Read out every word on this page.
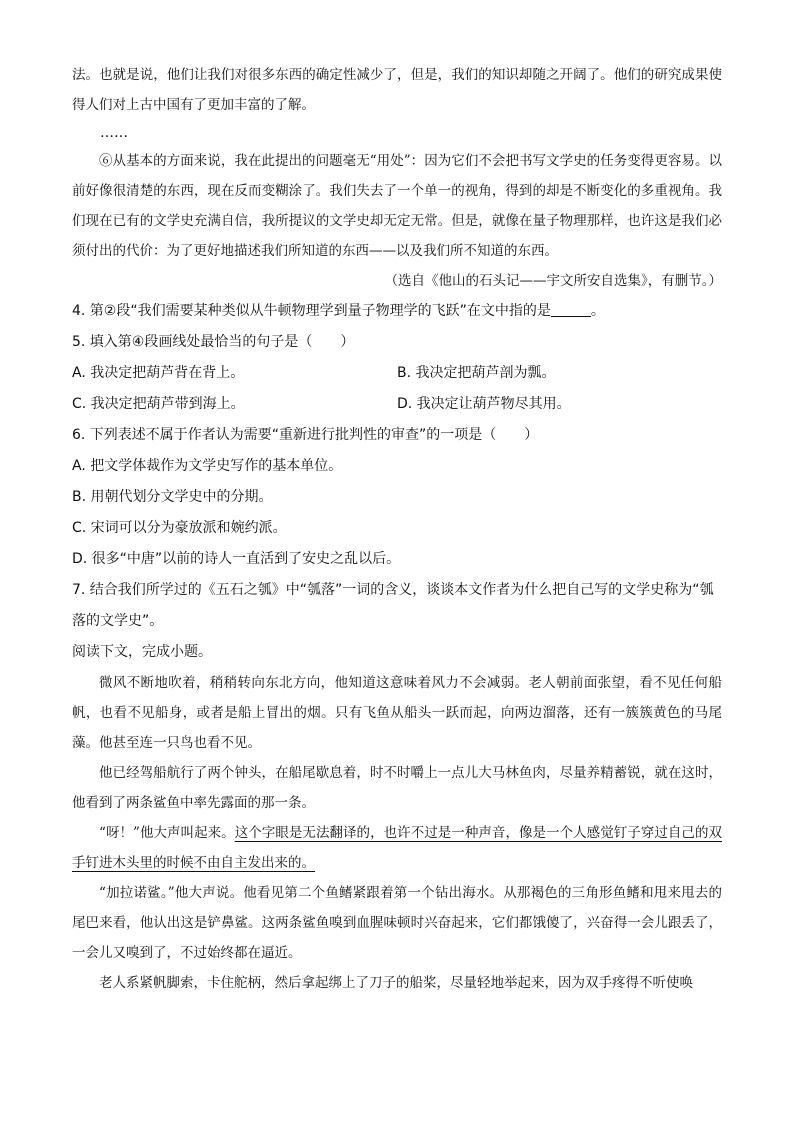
法。也就是说，他们让我们对很多东西的确定性减少了，但是，我们的知识却随之开阔了。他们的研究成果使得人们对上古中国有了更加丰富的了解。

……

⑥从基本的方面来说，我在此提出的问题毫无“用处”：因为它们不会把书写文学史的任务变得更容易。以前好像很清楚的东西，现在反而变糊涂了。我们失去了一个单一的视角，得到的却是不断变化的多重视角。我们现在已有的文学史充满自信，我所提议的文学史却无定无常。但是，就像在量子物理那样，也许这是我们必须付出的代价：为了更好地描述我们所知道的东西——以及我们所不知道的东西。

（选自《他山的石头记——宇文所安自选集》，有删节。）

4. 第②段“我们需要某种类似从牛顿物理学到量子物理学的飞跃”在文中指的是	。

5. 填入第④段画线处最恰当的句子是（　　）

A. 我决定把葫芦背在背上。	B. 我决定把葫芦剖为瓢。
C. 我决定把葫芦带到海上。	D. 我决定让葫芦物尽其用。

6. 下列表述不属于作者认为需要“重新进行批判性的审查”的一项是（　　）

A. 把文学体裁作为文学史写作的基本单位。

B. 用朝代划分文学史中的分期。

C. 宋词可以分为豪放派和婉约派。

D. 很多“中唐”以前的诗人一直活到了安史之乱以后。

7. 结合我们所学过的《五石之瓠》中“瓠落”一词的含义，谈谈本文作者为什么把自己写的文学史称为“瓠落的文学史”。

阅读下文，完成小题。

微风不断地吹着，稍稍转向东北方向，他知道这意味着风力不会减弱。老人朝前面张望，看不见任何船帆，也看不见船身，或者是船上冒出的烟。只有飞鱼从船头一跃而起，向两边溜落，还有一簇簇黄色的马尾藻。他甚至连一只鸟也看不见。

他已经驾船航行了两个钟头，在船尾歇息着，时不时嚼上一点儿大马林鱼肉，尽量养精蓄锐，就在这时，他看到了两条鲨鱼中率先露面的那一条。

“呀！”他大声叫起来。这个字眼是无法翻译的，也许不过是一种声音，像是一个人感觉钉子穿过自己的双手钉进木头里的时候不由自主发出来的。

“加拉诺鲨。”他大声说。他看见第二个鱼鳍紧跟着第一个钻出海水。从那褐色的三角形鱼鳍和甩来甩去的尾巴来看，他认出这是铲鼻鲨。这两条鲨鱼嗅到血腥味顿时兴奋起来，它们都饿傻了，兴奋得一会儿跟丢了，一会儿又嗅到了，不过始终都在逼近。

老人系紧帆脚索，卡住舵柄，然后拿起绑上了刀子的船桨，尽量轻地举起来，因为双手疼得不听使唤
